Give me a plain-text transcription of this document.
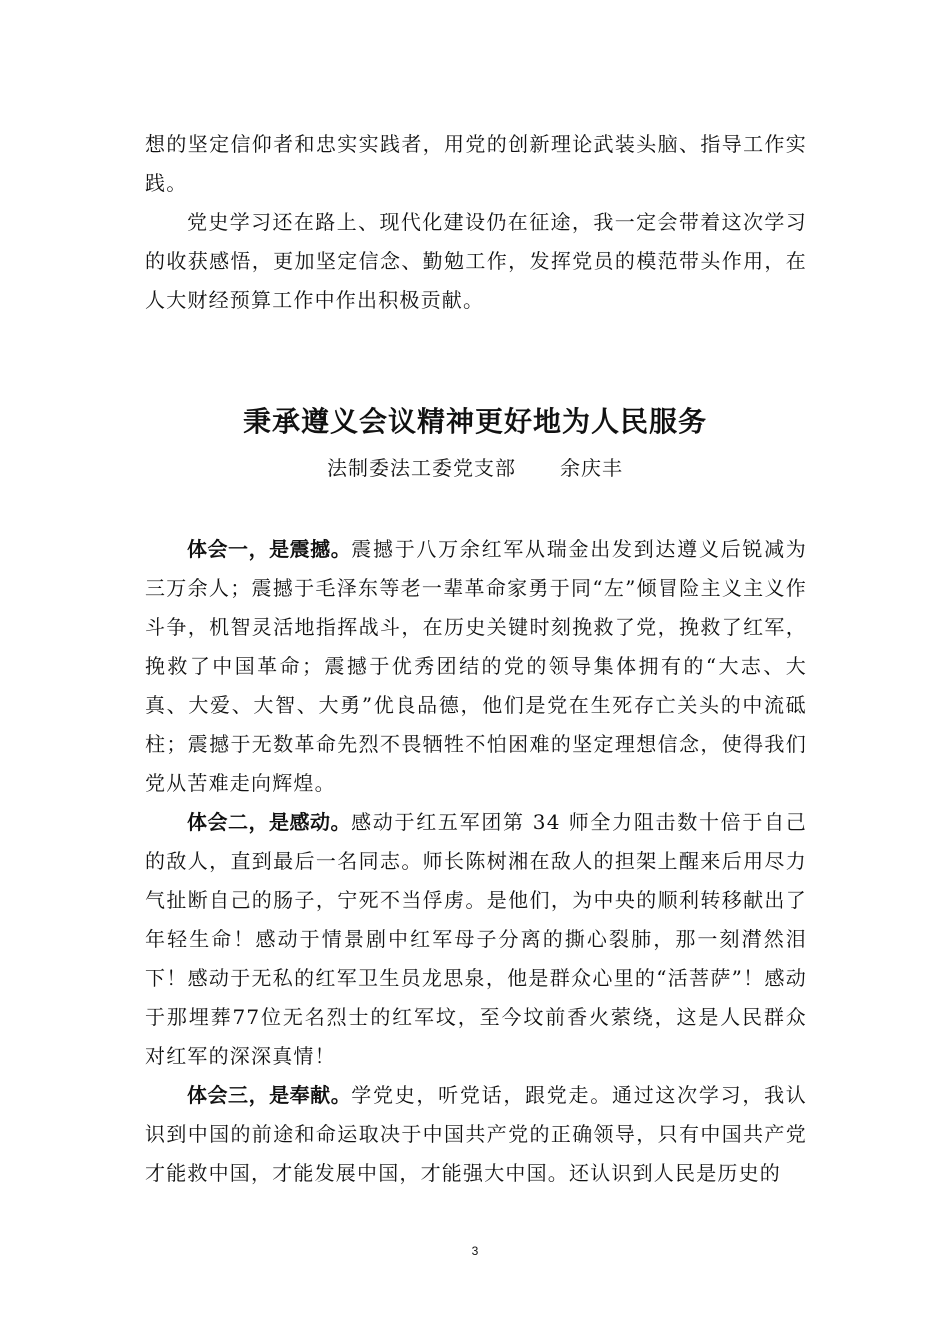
想的坚定信仰者和忠实实践者，用党的创新理论武装头脑、指导工作实践。

党史学习还在路上、现代化建设仍在征途，我一定会带着这次学习的收获感悟，更加坚定信念、勤勉工作，发挥党员的模范带头作用，在人大财经预算工作中作出积极贡献。

秉承遵义会议精神更好地为人民服务
法制委法工委党支部 余庆丰

体会一，是震撼。震撼于八万余红军从瑞金出发到达遵义后锐减为三万余人；震撼于毛泽东等老一辈革命家勇于同“左”倾冒险主义主义作斗争，机智灵活地指挥战斗，在历史关键时刻挽救了党，挽救了红军，挽救了中国革命；震撼于优秀团结的党的领导集体拥有的“大志、大真、大爱、大智、大勇”优良品德，他们是党在生死存亡关头的中流砥柱；震撼于无数革命先烈不畏牺牲不怕困难的坚定理想信念，使得我们党从苦难走向辉煌。

体会二，是感动。感动于红五军团第 34 师全力阻击数十倍于自己的敌人，直到最后一名同志。师长陈树湘在敌人的担架上醒来后用尽力气扯断自己的肠子，宁死不当俘虏。是他们，为中央的顺利转移献出了年轻生命！感动于情景剧中红军母子分离的撕心裂肺，那一刻潸然泪下！感动于无私的红军卫生员龙思泉，他是群众心里的“活菩萨”！感动于那埋葬77位无名烈士的红军坟，至今坟前香火萦绕，这是人民群众对红军的深深真情！

体会三，是奉献。学党史，听党话，跟党走。通过这次学习，我认识到中国的前途和命运取决于中国共产党的正确领导，只有中国共产党才能救中国，才能发展中国，才能强大中国。还认识到人民是历史的

3
